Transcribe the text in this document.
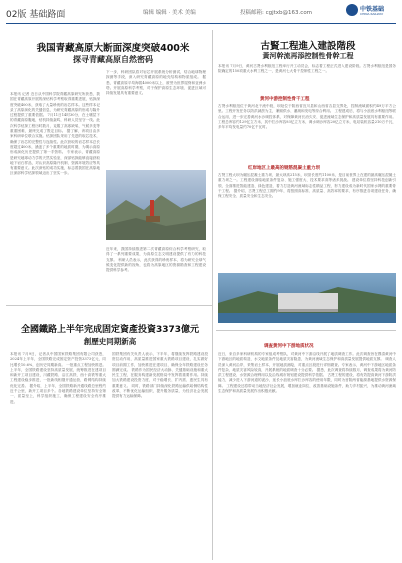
02版 基础路面	编辑 编辑 · 美术 美编	投稿邮箱: cgjtxb@163.com	中铁基础
CHINA RAILWAY
我国青藏高原大断面深度突破400米
探寻青藏高原自然密码
本报讯 记者 近日从中国科学院青藏高原研究所获悉，我国在青藏高原开展的深钻科学考察取得重要进展，钻探深度突破400米，获取了大量珍贵的岩芯样本。这些样本记录了高原演化的关键信息，为研究青藏高原的形成与隆升过程提供了重要依据。 7月11日14时30分，在土壤层下的青藏高原腹地，钻机持续轰鸣，科研人员坚守一线。此次科学钻探工程历时数月，克服了高寒缺氧、气候多变等重重困难，最终完成了既定目标。 据了解，该项目由多家科研单位联合实施。钻探团队采用了先进的取芯技术，确保了岩芯的完整性与连续性。此次获取的岩芯样本总长度超过400米，涵盖了多个重要的地质时期，为揭示高原形成演化历史提供了第一手资料。 专家表示，青藏高原是研究地球动力学的天然实验室，深部钻探能够直接获取地下岩石样品，对认识高原隆升机制、资源环境效应等具有重要意义。此次深钻的成功实施，标志着我国在高原地区深部科学钻探领域迈出了坚实一步。
下一步，科研团队将对岩芯开展系统分析测试，结合地球物理探测等手段，深入研究青藏高原的地壳结构和物质组成。 据悉，青藏高原平均海拔4000米以上，被誉为世界屋脊和亚洲水塔。开展高原科学考察，对于保护高原生态环境、促进区域可持续发展具有重要意义。
近年来，我国持续推进第二次青藏高原综合科学考察研究，取得了一系列重要成果，为高原生态文明建设提供了有力的科技支撑。 科研人员表示，此次获得的珍贵样本，将为研究全球气候变化提供新的视角，也将为高原地区的资源勘查和工程建设提供科学参考。
古賢工程進入建設階段
黃河幹流再添控制性骨幹工程
本报讯 7月9日，黄河古贤水利枢纽工程举行开工动员会，标志着工程正式进入建设阶段。古贤水利枢纽是国务院确定的150项重大水利工程之一，是黄河七大骨干控制性工程之一。
黄河中游控制性骨干工程
古贤水利枢纽位于黄河北干流中段，坝址位于陕西省宜川县和山西省吉县交界处，控制流域面积约49万平方公里。工程开发任务以防洪减淤为主，兼顾供水、灌溉和发电等综合利用。 工程建成后，将与小浪底水利枢纽等联合运用，进一步完善黄河水沙调控体系，对保障黄河长治久安、促进流域生态保护和高质量发展具有重要作用。 工程总库容约129亿立方米，其中拦沙库容93亿立方米，调水调沙库容20亿立方米，电站装机容量210万千瓦，多年平均发电量约70亿千瓦时。
红岸地区上最高的钢筋混凝土重力坝
古贤工程大坝为碾压混凝土重力坝，最大坝高215米，坝顶长度约1100米，是目前世界上在建的最高碾压混凝土重力坝之一。工程建设面临地质条件复杂、施工强度大、技术要求高等诸多挑战。 建设单位将坚持科技创新引领，全面推进智能建造、绿色建造，着力打造黄河流域标志性精品工程，努力建设成为新时代国家水网的重要骨干工程。 据介绍，古贤工程总工期约9年，将按照高标准、高质量、高效率的要求，有序推进各项建设任务，确保工程安全、质量安全和生态安全。
全國鐵路上半年完成固定資產投資3373億元
創歷史同期新高
本报讯 7月9日，记者从中国国家铁路集团有限公司获悉，2024年上半年，全国铁路完成固定资产投资3373亿元，同比增长10.6%，创历史同期新高。 一批重点工程加快推进。上半年，全国铁路建设坚持高质量发展，统筹推进在建项目和新开工项目建设，川藏铁路、沿江高铁、西十高铁等重大工程建设稳步推进，一批新线相继开通运营，路网结构持续优化完善。 据介绍，上半年，全国铁路新开通线路总里程约近千公里，新开工项目多个。各地铁路建设单位坚持安全第一、质量至上，科学组织施工，确保工程建设安全有序推进。
国铁集团有关负责人表示，下半年，将继续发挥铁路建设投资拉动作用，高质量推进国家重大铁路项目建设，扎实做好项目前期工作，加快推进在建项目，确保全年铁路建设任务圆满完成。 铁路作为国民经济大动脉、关键基础设施和重大民生工程，在服务构建新发展格局中发挥着重要作用。持续加大铁路建设投资力度，对于稳增长、扩内需、惠民生具有重要意义。 同时，铁路部门持续深化铁路运输供给侧结构性改革，不断优化运输组织，提升服务质量，为经济社会发展提供有力运输保障。
调查黄河中下游地质状况
近日，来自多家科研机构的专家组成考察队，对黄河中下游沿线开展了地质调查工作。此次调查旨在摸清黄河中下游地区的地质构造、水文地质条件及地质灾害隐患，为黄河流域生态保护和高质量发展提供地质支撑。 调查人员深入黄河沿岸，采集岩土样本，开展地质测绘，对重点区段进行详细勘查。专家表示，黄河中下游地区地质条件复杂，地质灾害风险较高，开展系统的地质调查十分必要。 据悉，此次调查将持续数月，调查成果将为黄河防洪工程建设、水资源合理利用以及沿线城市规划建设提供科学依据。 古贤工程的建设，将有效提高黄河下游防洪能力，减少进入下游河道的泥沙，延长小浪底水库拦沙库容的使用年限，同时为晋陕两省能源基地提供水资源保障。 工程建设还将带动当地经济社会发展，增加就业岗位，改善基础设施条件，助力乡村振兴，为推动黄河流域生态保护和高质量发展作出积极贡献。
